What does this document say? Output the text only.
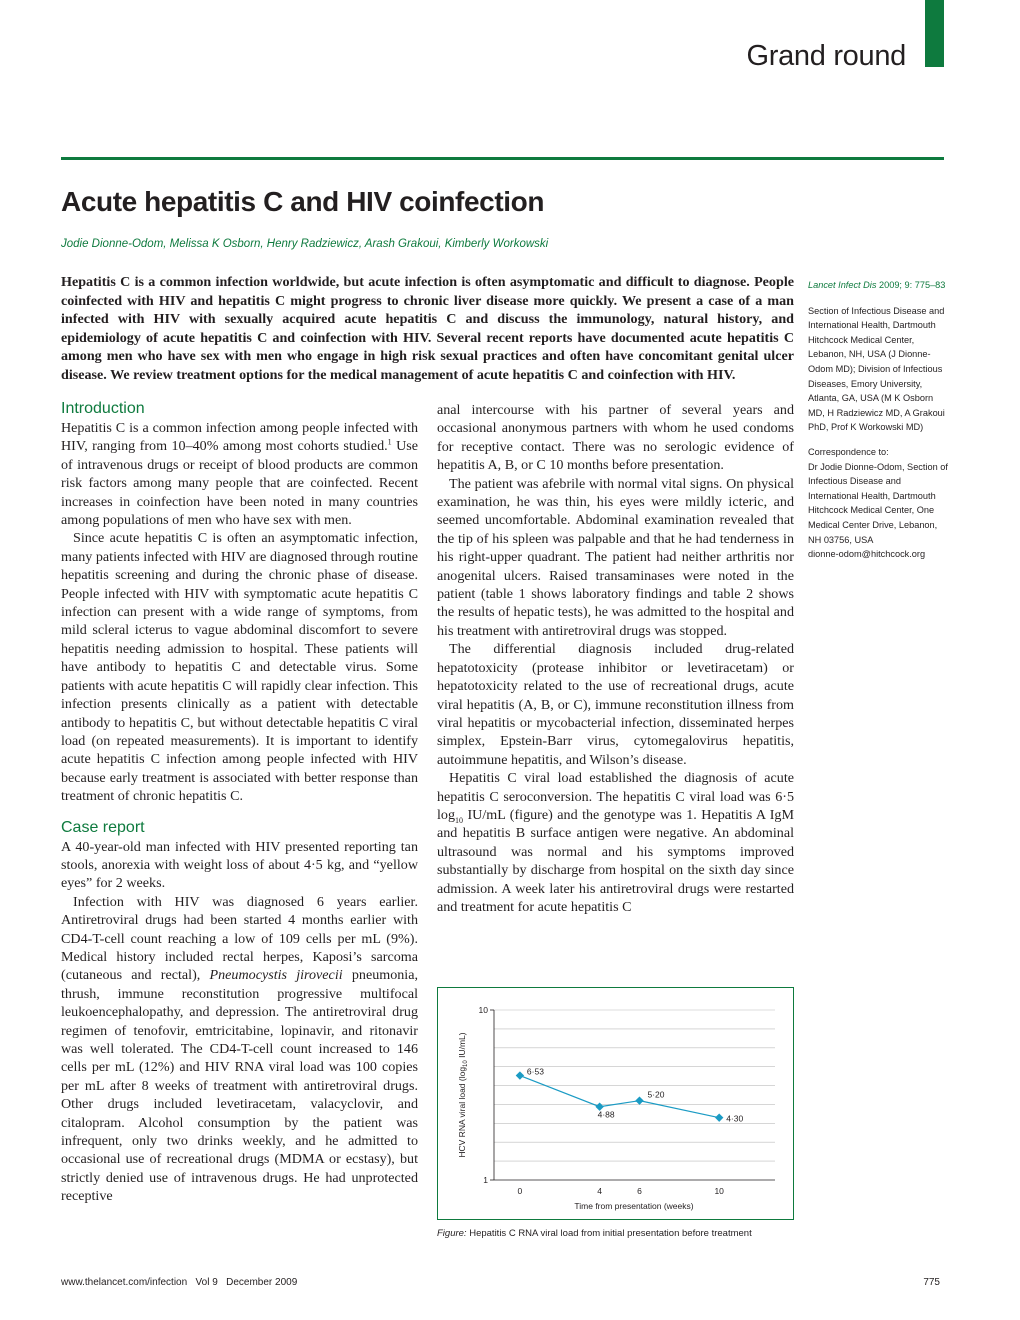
Grand round
Acute hepatitis C and HIV coinfection
Jodie Dionne-Odom, Melissa K Osborn, Henry Radziewicz, Arash Grakoui, Kimberly Workowski
Hepatitis C is a common infection worldwide, but acute infection is often asymptomatic and difficult to diagnose. People coinfected with HIV and hepatitis C might progress to chronic liver disease more quickly. We present a case of a man infected with HIV with sexually acquired acute hepatitis C and discuss the immunology, natural history, and epidemiology of acute hepatitis C and coinfection with HIV. Several recent reports have documented acute hepatitis C among men who have sex with men who engage in high risk sexual practices and often have concomitant genital ulcer disease. We review treatment options for the medical management of acute hepatitis C and coinfection with HIV.
Introduction

Hepatitis C is a common infection among people infected with HIV, ranging from 10–40% among most cohorts studied.$^1$ Use of intravenous drugs or receipt of blood products are common risk factors among many people that are coinfected. Recent increases in coinfection have been noted in many countries among populations of men who have sex with men.

Since acute hepatitis C is often an asymptomatic infection, many patients infected with HIV are diagnosed through routine hepatitis screening and during the chronic phase of disease. People infected with HIV with symptomatic acute hepatitis C infection can present with a wide range of symptoms, from mild scleral icterus to vague abdominal discomfort to severe hepatitis needing admission to hospital. These patients will have antibody to hepatitis C and detectable virus. Some patients with acute hepatitis C will rapidly clear infection. This infection presents clinically as a patient with detectable antibody to hepatitis C, but without detectable hepatitis C viral load (on repeated measurements). It is important to identify acute hepatitis C infection among people infected with HIV because early treatment is associated with better response than treatment of chronic hepatitis C.

Case report

A 40-year-old man infected with HIV presented reporting tan stools, anorexia with weight loss of about 4·5 kg, and “yellow eyes” for 2 weeks.

Infection with HIV was diagnosed 6 years earlier. Antiretroviral drugs had been started 4 months earlier with CD4-T-cell count reaching a low of 109 cells per mL (9%). Medical history included rectal herpes, Kaposi’s sarcoma (cutaneous and rectal), Pneumocystis jirovecii pneumonia, thrush, immune reconstitution progressive multifocal leukoencephalopathy, and depression. The antiretroviral drug regimen of tenofovir, emtricitabine, lopinavir, and ritonavir was well tolerated. The CD4-T-cell count increased to 146 cells per mL (12%) and HIV RNA viral load was 100 copies per mL after 8 weeks of treatment with antiretroviral drugs. Other drugs included levetiracetam, valacyclovir, and citalopram. Alcohol consumption by the patient was infrequent, only two drinks weekly, and he admitted to occasional use of recreational drugs (MDMA or ecstasy), but strictly denied use of intravenous drugs. He had unprotected receptive

anal intercourse with his partner of several years and occasional anonymous partners with whom he used condoms for receptive contact. There was no serologic evidence of hepatitis A, B, or C 10 months before presentation.

The patient was afebrile with normal vital signs. On physical examination, he was thin, his eyes were mildly icteric, and seemed uncomfortable. Abdominal examination revealed that the tip of his spleen was palpable and that he had tenderness in his right-upper quadrant. The patient had neither arthritis nor anogenital ulcers. Raised transaminases were noted in the patient (table 1 shows laboratory findings and table 2 shows the results of hepatic tests), he was admitted to the hospital and his treatment with antiretroviral drugs was stopped.

The differential diagnosis included drug-related hepatotoxicity (protease inhibitor or levetiracetam) or hepatotoxicity related to the use of recreational drugs, acute viral hepatitis (A, B, or C), immune reconstitution illness from viral hepatitis or mycobacterial infection, disseminated herpes simplex, Epstein-Barr virus, cytomegalovirus hepatitis, autoimmune hepatitis, and Wilson’s disease.

Hepatitis C viral load established the diagnosis of acute hepatitis C seroconversion. The hepatitis C viral load was 6·5 $\log_{10} IU/mL$ (figure) and the genotype was 1. Hepatitis A IgM and hepatitis B surface antigen were negative. An abdominal ultrasound was normal and his symptoms improved substantially by discharge from hospital on the sixth day since admission. A week later his antiretroviral drugs were restarted and treatment for acute hepatitis C

Lancet Infect Dis 2009; 9: 775–83
Section of Infectious Disease and International Health, Dartmouth Hitchcock Medical Center, Lebanon, NH, USA (J Dionne-Odom MD); Division of Infectious Diseases, Emory University, Atlanta, GA, USA (M K Osborn MD, H Radziewicz MD, A Grakoui PhD, Prof K Workowski MD)
Correspondence to:
Dr Jodie Dionne-Odom, Section of Infectious Disease and International Health, Dartmouth Hitchcock Medical Center, One Medical Center Drive, Lebanon, NH 03756, USA
dionne-odom@hitchcock.org
1
10
0	4	6	10
6·53
4·88
5·20
4·30
Time from presentation (weeks)
HCV RNA viral load ($\log_{10}$ IU/mL)
Figure: Hepatitis C RNA viral load from initial presentation before treatment
www.thelancet.com/infection Vol 9 December 2009	775
